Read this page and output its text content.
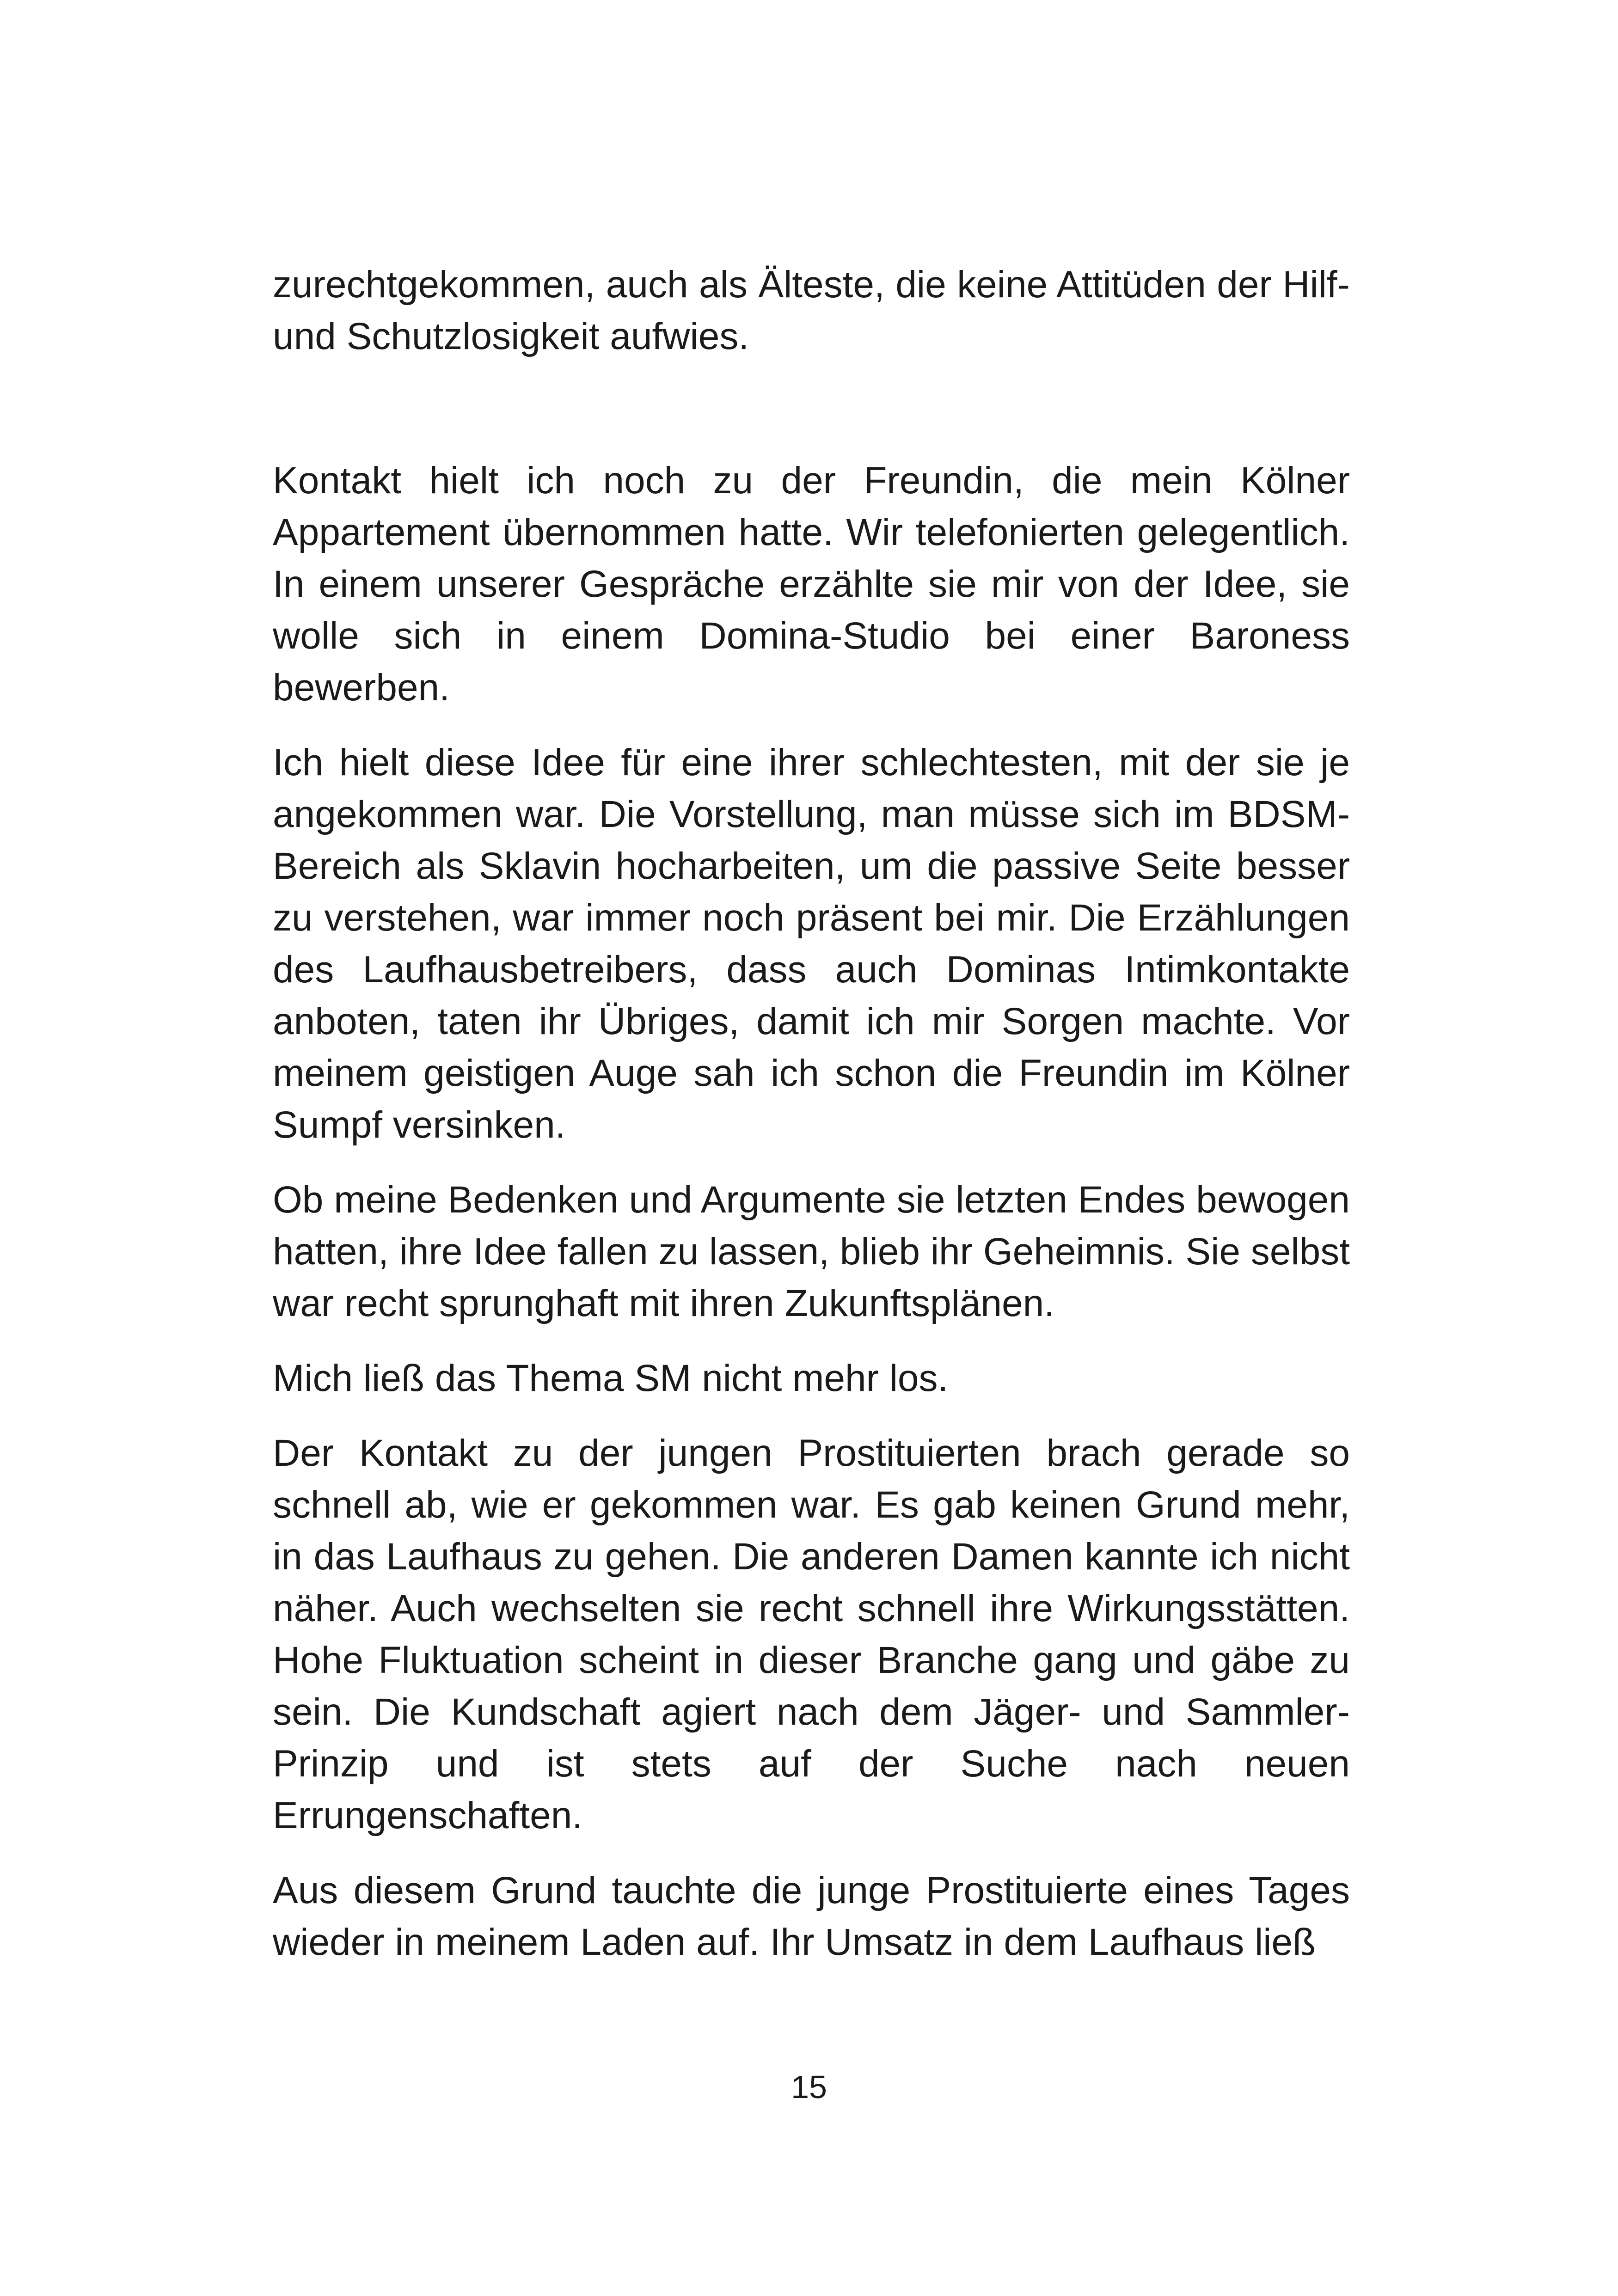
zurechtgekommen, auch als Älteste, die keine Attitüden der Hilf- und Schutzlosigkeit aufwies.

Kontakt hielt ich noch zu der Freundin, die mein Kölner Appartement übernommen hatte. Wir telefonierten gelegentlich. In einem unserer Gespräche erzählte sie mir von der Idee, sie wolle sich in einem Domina-Studio bei einer Baroness bewerben.

Ich hielt diese Idee für eine ihrer schlechtesten, mit der sie je angekommen war. Die Vorstellung, man müsse sich im BDSM-Bereich als Sklavin hocharbeiten, um die passive Seite besser zu verstehen, war immer noch präsent bei mir. Die Erzählungen des Laufhausbetreibers, dass auch Dominas Intimkontakte anboten, taten ihr Übriges, damit ich mir Sorgen machte. Vor meinem geistigen Auge sah ich schon die Freundin im Kölner Sumpf versinken.

Ob meine Bedenken und Argumente sie letzten Endes bewogen hatten, ihre Idee fallen zu lassen, blieb ihr Geheimnis. Sie selbst war recht sprunghaft mit ihren Zukunftsplänen.

Mich ließ das Thema SM nicht mehr los.

Der Kontakt zu der jungen Prostituierten brach gerade so schnell ab, wie er gekommen war. Es gab keinen Grund mehr, in das Laufhaus zu gehen. Die anderen Damen kannte ich nicht näher. Auch wechselten sie recht schnell ihre Wirkungsstätten. Hohe Fluktuation scheint in dieser Branche gang und gäbe zu sein. Die Kundschaft agiert nach dem Jäger- und Sammler-Prinzip und ist stets auf der Suche nach neuen Errungenschaften.

Aus diesem Grund tauchte die junge Prostituierte eines Tages wieder in meinem Laden auf. Ihr Umsatz in dem Laufhaus ließ

15
